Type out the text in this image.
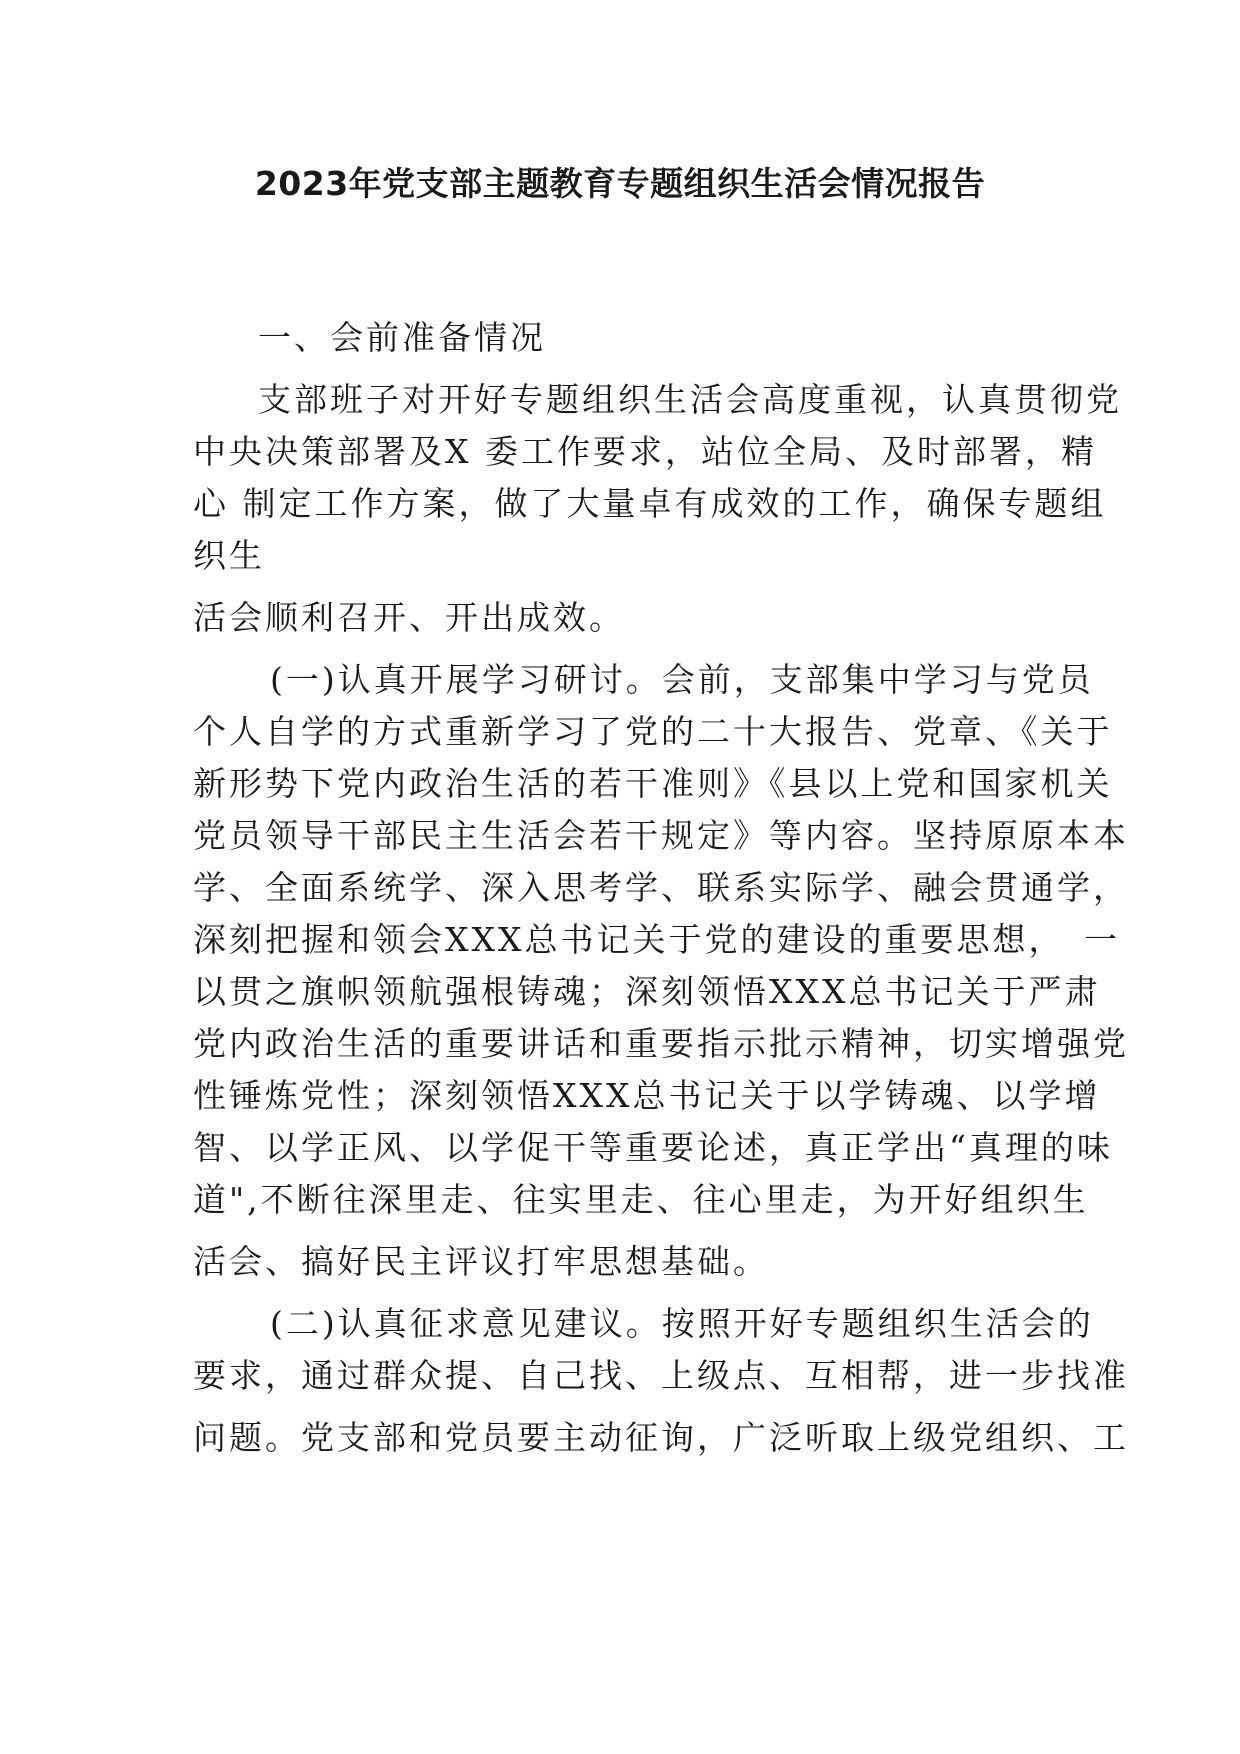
2023年党支部主题教育专题组织生活会情况报告

一、会前准备情况

支部班子对开好专题组织生活会高度重视，认真贯彻党

中央决策部署及X 委工作要求，站位全局、及时部署，精

心 制定工作方案，做了大量卓有成效的工作，确保专题组

织生

活会顺利召开、开出成效。

(一)认真开展学习研讨。会前，支部集中学习与党员

个人自学的方式重新学习了党的二十大报告、党章、《关于

新形势下党内政治生活的若干准则》《县以上党和国家机关

党员领导干部民主生活会若干规定》等内容。坚持原原本本

学、全面系统学、深入思考学、联系实际学、融会贯通学，

深刻把握和领会XXX总书记关于党的建设的重要思想，　一

以贯之旗帜领航强根铸魂；深刻领悟XXX总书记关于严肃

党内政治生活的重要讲话和重要指示批示精神，切实增强党

性锤炼党性；深刻领悟XXX总书记关于以学铸魂、以学增

智、以学正风、以学促干等重要论述，真正学出“真理的味

道",不断往深里走、往实里走、往心里走，为开好组织生

活会、搞好民主评议打牢思想基础。

(二)认真征求意见建议。按照开好专题组织生活会的

要求，通过群众提、自己找、上级点、互相帮，进一步找准

问题。党支部和党员要主动征询，广泛听取上级党组织、工
